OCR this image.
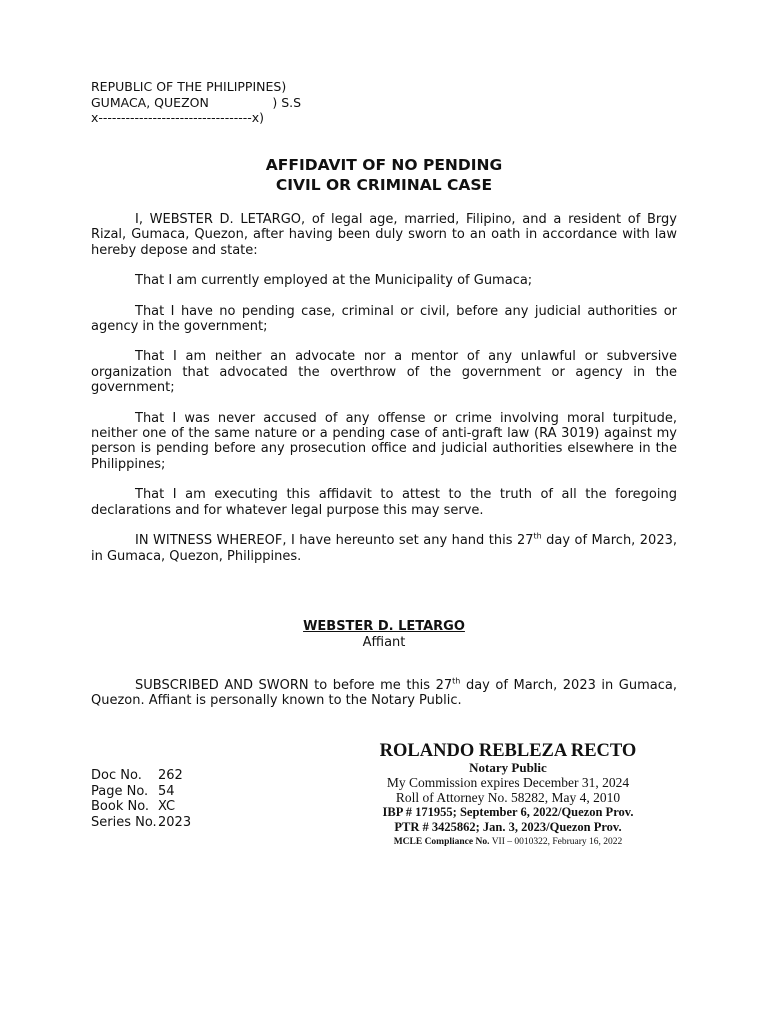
REPUBLIC OF THE PHILIPPINES)
GUMACA, QUEZON                ) S.S
x----------------------------------x)
AFFIDAVIT OF NO PENDING
CIVIL OR CRIMINAL CASE

I, WEBSTER D. LETARGO, of legal age, married, Filipino, and a resident of Brgy Rizal, Gumaca, Quezon, after having been duly sworn to an oath in accordance with law hereby depose and state:

That I am currently employed at the Municipality of Gumaca;

That I have no pending case, criminal or civil, before any judicial authorities or agency in the government;

That I am neither an advocate nor a mentor of any unlawful or subversive organization that advocated the overthrow of the government or agency in the government;

That I was never accused of any offense or crime involving moral turpitude, neither one of the same nature or a pending case of anti-graft law (RA 3019) against my person is pending before any prosecution office and judicial authorities elsewhere in the Philippines;

That I am executing this affidavit to attest to the truth of all the foregoing declarations and for whatever legal purpose this may serve.

IN WITNESS WHEREOF, I have hereunto set any hand this 27th day of March, 2023, in Gumaca, Quezon, Philippines.

WEBSTER D. LETARGO
Affiant

SUBSCRIBED AND SWORN to before me this 27th day of March, 2023 in Gumaca, Quezon. Affiant is personally known to the Notary Public.

Doc No.	262
Page No. 54
Book No. XC
Series No. 2023
ROLANDO REBLEZA RECTO
Notary Public
My Commission expires December 31, 2024
Roll of Attorney No. 58282, May 4, 2010
IBP # 171955; September 6, 2022/Quezon Prov.
PTR # 3425862; Jan. 3, 2023/Quezon Prov.
MCLE Compliance No. VII – 0010322, February 16, 2022
